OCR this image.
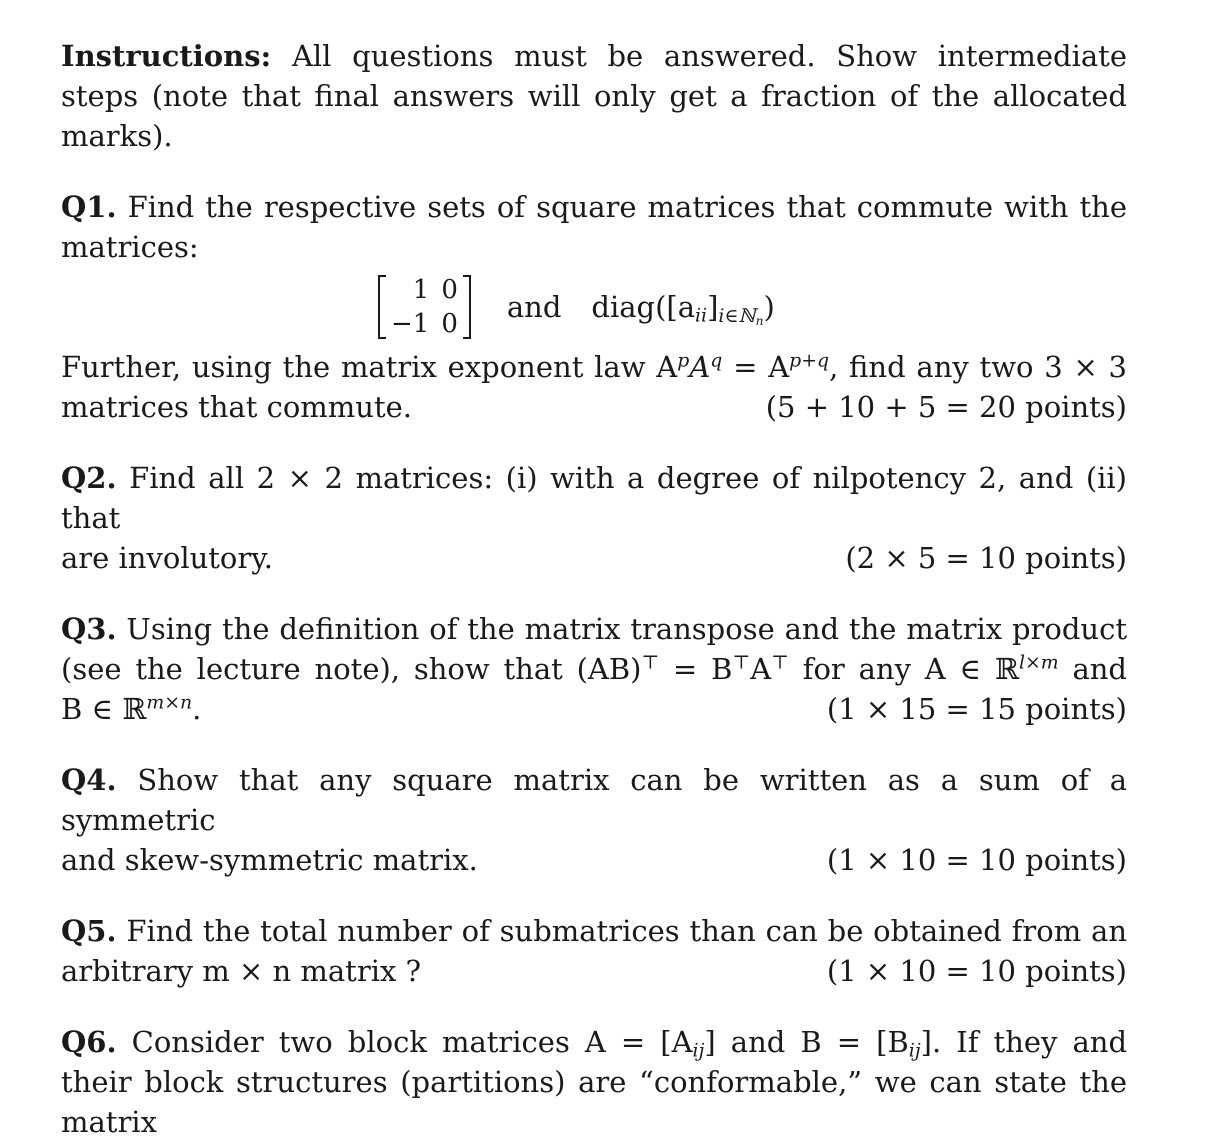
Instructions: All questions must be answered. Show intermediate steps (note that final answers will only get a fraction of the allocated marks).
Q1. Find the respective sets of square matrices that commute with the matrices:
1	0
−1	0 and $diag([a_{ii}]_{i\in ℕ_n})$
Further, using the matrix exponent law $A^pA^q = A^{p+q}$, find any two 3 × 3
matrices that commute.	(5 + 10 + 5 = 20 points)
Q2. Find all 2 × 2 matrices: (i) with a degree of nilpotency 2, and (ii) that
are involutory.	(2 × 5 = 10 points)
Q3. Using the definition of the matrix transpose and the matrix product
(see the lecture note), show that (AB)⊤ = B⊤A⊤ for any A ∈ ℝ$^{l\times m}$ and
B ∈ ℝ$^{m\times n}$.	(1 × 15 = 15 points)
Q4. Show that any square matrix can be written as a sum of a symmetric
and skew-symmetric matrix.	(1 × 10 = 10 points)
Q5. Find the total number of submatrices than can be obtained from an
arbitrary m × n matrix ?	(1 × 10 = 10 points)
Q6. Consider two block matrices $A = [A_{ij}]$ and $B = [B_{ij}]$. If they and
their block structures (partitions) are “conformable,” we can state the matrix
